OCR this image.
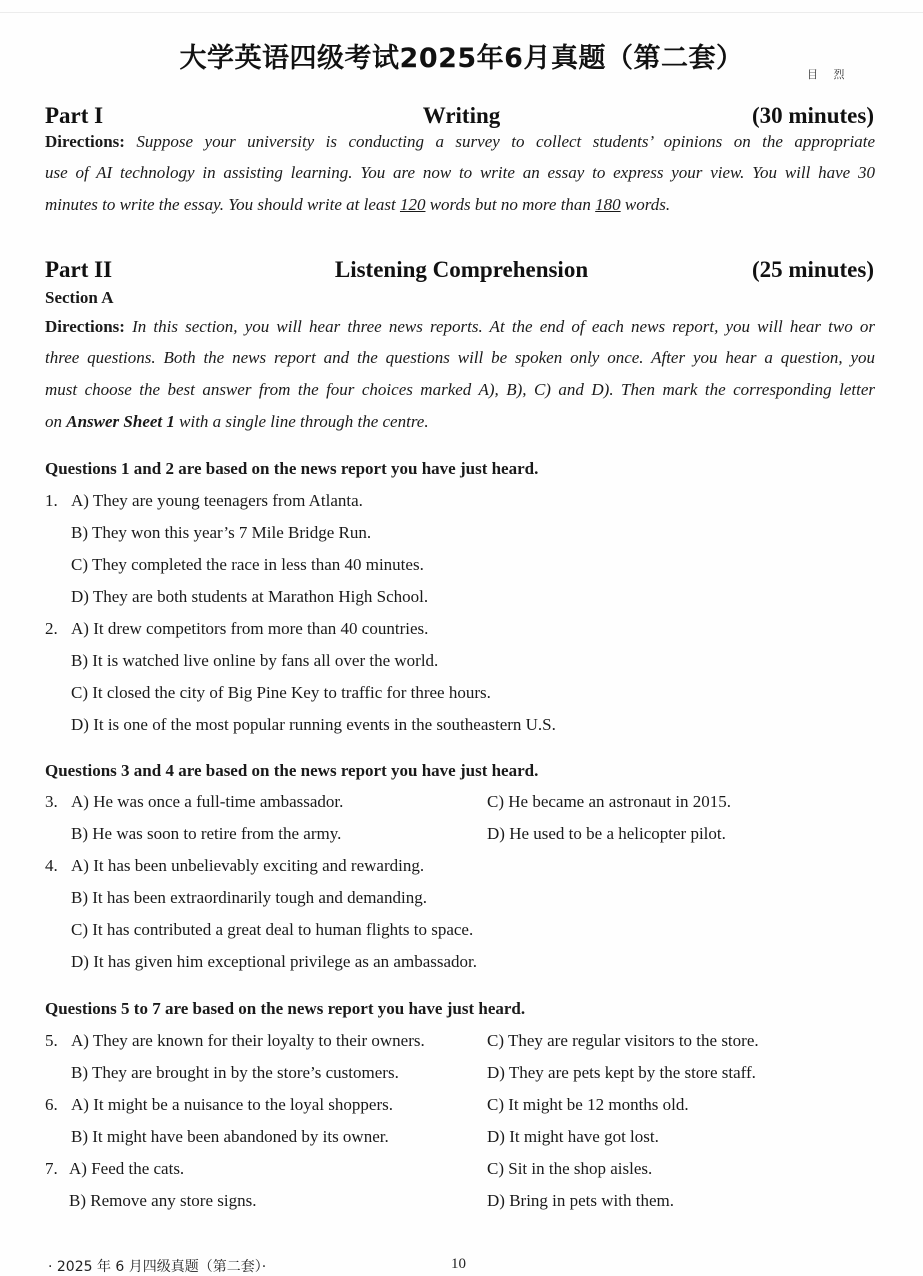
大学英语四级考试2025年6月真题（第二套）
目 烈
Part I	Writing	(30 minutes)
Directions: Suppose your university is conducting a survey to collect students’ opinions on the appropriate
use of AI technology in assisting learning. You are now to write an essay to express your view. You will have 30
minutes to write the essay. You should write at least 120 words but no more than 180 words.
Part II	Listening Comprehension	(25 minutes)
Section A
Directions: In this section, you will hear three news reports. At the end of each news report, you will hear two or
three questions. Both the news report and the questions will be spoken only once. After you hear a question, you
must choose the best answer from the four choices marked A), B), C) and D). Then mark the corresponding letter
on Answer Sheet 1 with a single line through the centre.
Questions 1 and 2 are based on the news report you have just heard.
1. A) They are young teenagers from Atlanta.
B) They won this year’s 7 Mile Bridge Run.
C) They completed the race in less than 40 minutes.
D) They are both students at Marathon High School.
2. A) It drew competitors from more than 40 countries.
B) It is watched live online by fans all over the world.
C) It closed the city of Big Pine Key to traffic for three hours.
D) It is one of the most popular running events in the southeastern U.S.
Questions 3 and 4 are based on the news report you have just heard.
3. A) He was once a full-time ambassador.	C) He became an astronaut in 2015.
B) He was soon to retire from the army.	D) He used to be a helicopter pilot.
4. A) It has been unbelievably exciting and rewarding.
B) It has been extraordinarily tough and demanding.
C) It has contributed a great deal to human flights to space.
D) It has given him exceptional privilege as an ambassador.
Questions 5 to 7 are based on the news report you have just heard.
5. A) They are known for their loyalty to their owners.	C) They are regular visitors to the store.
B) They are brought in by the store’s customers.	D) They are pets kept by the store staff.
6. A) It might be a nuisance to the loyal shoppers.	C) It might be 12 months old.
B) It might have been abandoned by its owner.	D) It might have got lost.
7. A) Feed the cats.	C) Sit in the shop aisles.
B) Remove any store signs.	D) Bring in pets with them.
· 2025 年 6 月四级真题（第二套）·	10
